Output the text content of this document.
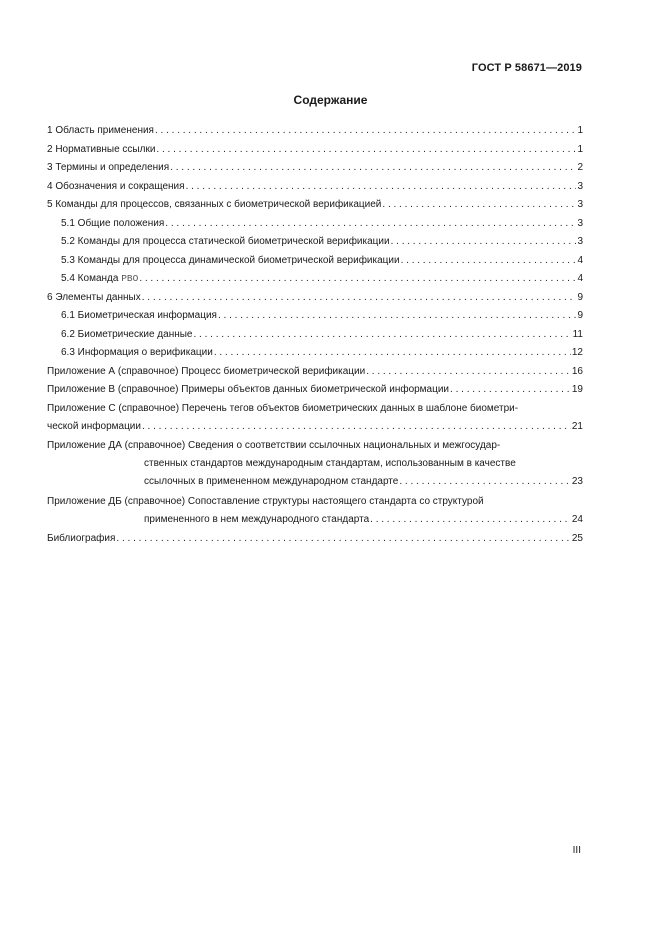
ГОСТ Р 58671—2019
Содержание
1 Область применения . . .	1
2 Нормативные ссылки . . .	1
3 Термины и определения . . .	2
4 Обозначения и сокращения . . .	3
5 Команды для процессов, связанных с биометрической верификацией . . .	3
5.1 Общие положения . . .	3
5.2 Команды для процесса статической биометрической верификации . . .	3
5.3 Команды для процесса динамической биометрической верификации . . .	4
5.4 Команда PBO . . .	4
6 Элементы данных . . .	9
6.1 Биометрическая информация . . .	9
6.2 Биометрические данные . . .	11
6.3 Информация о верификации . . .	12
Приложение А (справочное) Процесс биометрической верификации . . .	16
Приложение В (справочное) Примеры объектов данных биометрической информации . . .	19
Приложение С (справочное) Перечень тегов объектов биометрических данных в шаблоне биометри-
ческой информации . . .	21
Приложение ДА (справочное) Сведения о соответствии ссылочных национальных и межгосудар-
ственных стандартов международным стандартам, использованным в качестве
ссылочных в примененном международном стандарте . . .	23
Приложение ДБ (справочное) Сопоставление структуры настоящего стандарта со структурой
примененного в нем международного стандарта . . .	24
Библиография . . .	25
III
